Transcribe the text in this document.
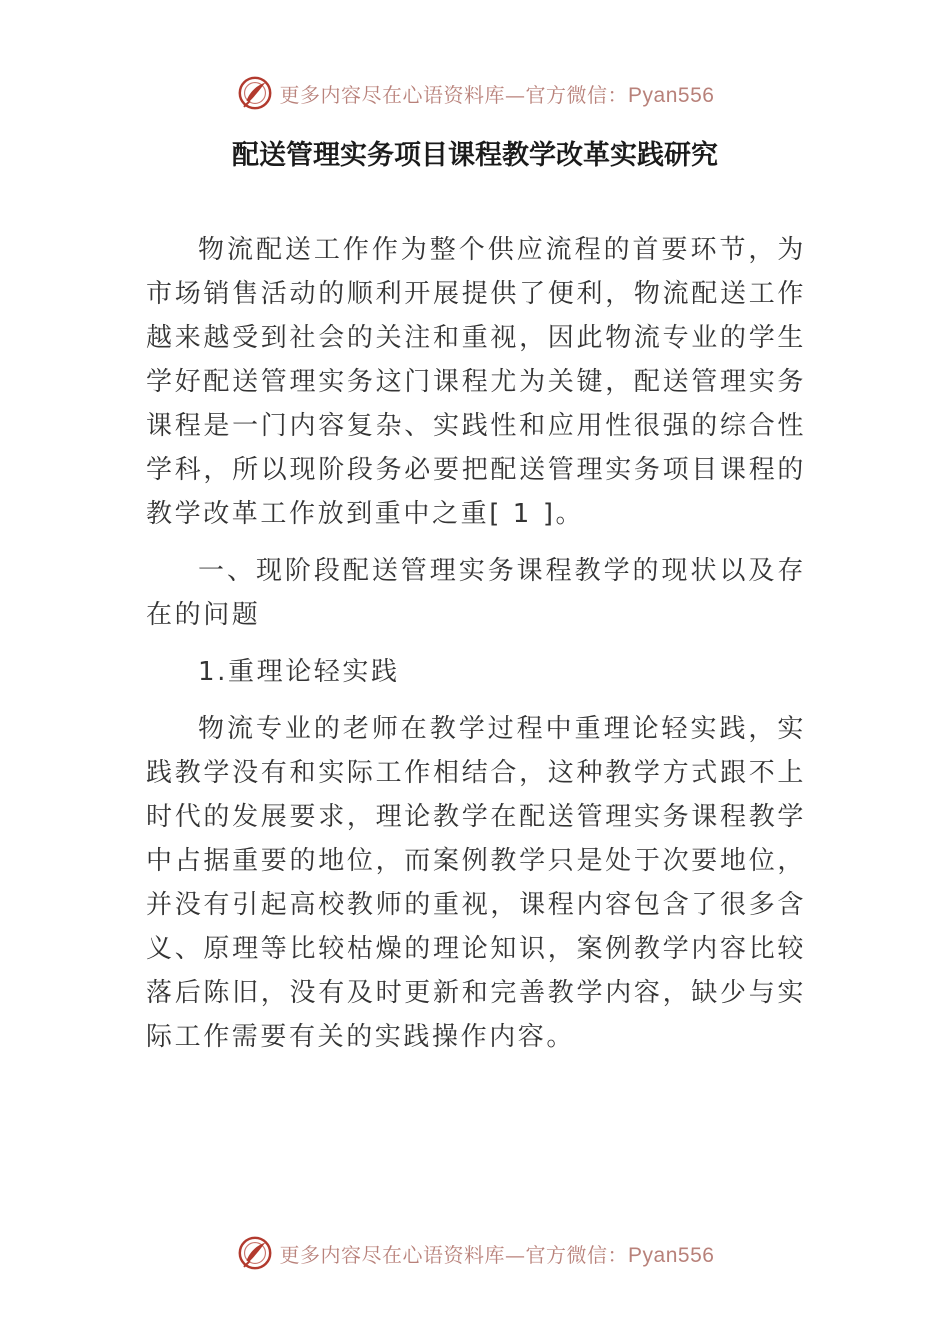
更多内容尽在心语资料库—官方微信：Pyan556
配送管理实务项目课程教学改革实践研究

物流配送工作作为整个供应流程的首要环节，为市场销售活动的顺利开展提供了便利，物流配送工作越来越受到社会的关注和重视，因此物流专业的学生学好配送管理实务这门课程尤为关键，配送管理实务课程是一门内容复杂、实践性和应用性很强的综合性学科，所以现阶段务必要把配送管理实务项目课程的教学改革工作放到重中之重[ 1 ]。

一、现阶段配送管理实务课程教学的现状以及存在的问题

1.重理论轻实践

物流专业的老师在教学过程中重理论轻实践，实践教学没有和实际工作相结合，这种教学方式跟不上时代的发展要求，理论教学在配送管理实务课程教学中占据重要的地位，而案例教学只是处于次要地位，并没有引起高校教师的重视，课程内容包含了很多含义、原理等比较枯燥的理论知识，案例教学内容比较落后陈旧，没有及时更新和完善教学内容，缺少与实际工作需要有关的实践操作内容。

更多内容尽在心语资料库—官方微信：Pyan556
